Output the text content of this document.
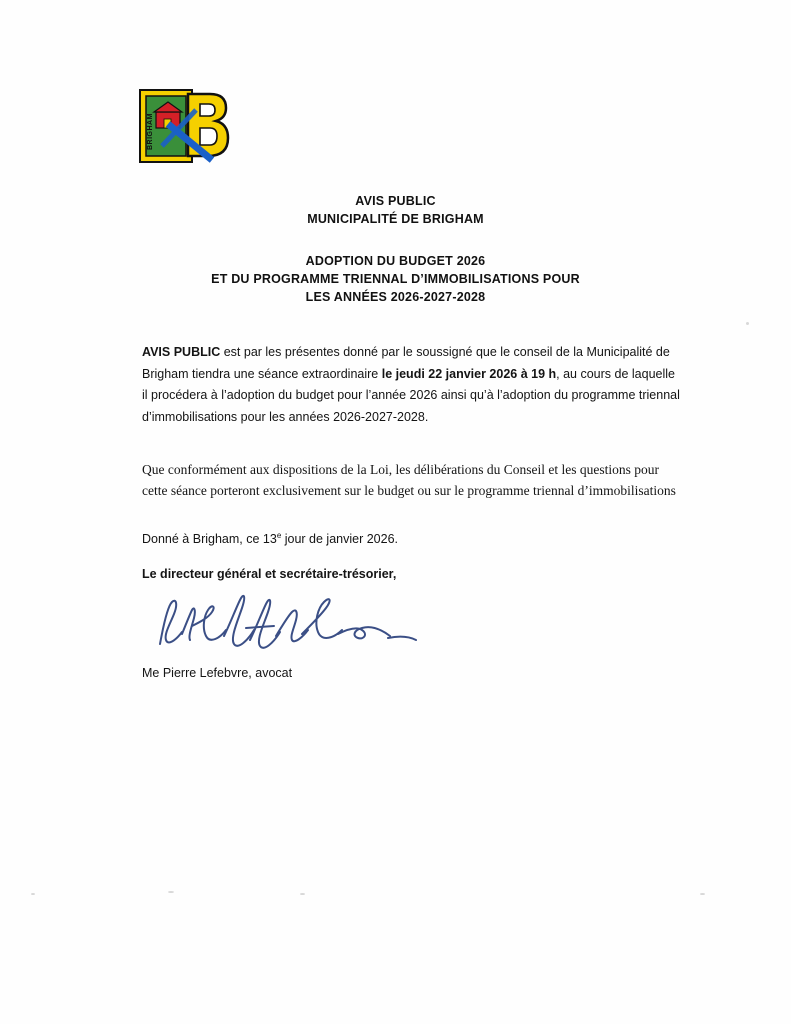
BRIGHAM
AVIS PUBLIC
MUNICIPALITÉ DE BRIGHAM
ADOPTION DU BUDGET 2026
ET DU PROGRAMME TRIENNAL D’IMMOBILISATIONS POUR
LES ANNÉES 2026-2027-2028
AVIS PUBLIC est par les présentes donné par le soussigné que le conseil de la Municipalité de Brigham tiendra une séance extraordinaire le jeudi 22 janvier 2026 à 19 h, au cours de laquelle il procédera à l’adoption du budget pour l’année 2026 ainsi qu’à l’adoption du programme triennal d’immobilisations pour les années 2026-2027-2028.
Que conformément aux dispositions de la Loi, les délibérations du Conseil et les questions pour cette séance porteront exclusivement sur le budget ou sur le programme triennal d’immobilisations
Donné à Brigham, ce 13e jour de janvier 2026.
Le directeur général et secrétaire-trésorier,
Me Pierre Lefebvre, avocat
